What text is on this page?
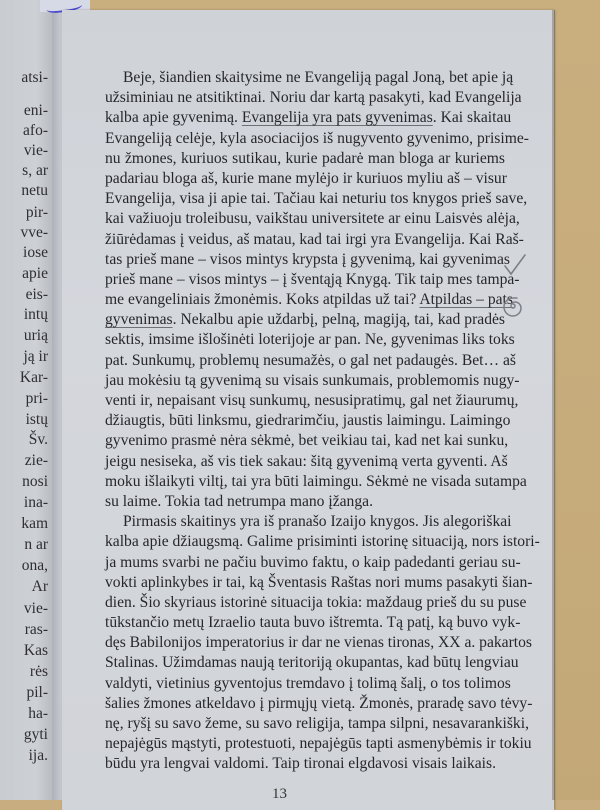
atsi-
eni-
afo-
vie-
s, ar
netu
pir-
vve-
iose
apie
eis-
intų
urią
ją ir
Kar-
pri-
istų
Šv.
zie-
nosi
ina-
kam
n ar
ona,
Ar
vie-
ras-
Kas
rės
pil-
ha-
gyti
ija.
Beje, šiandien skaitysime ne Evangeliją pagal Joną, bet apie ją
užsiminiau ne atsitiktinai. Noriu dar kartą pasakyti, kad Evangelija
kalba apie gyvenimą. Evangelija yra pats gyvenimas. Kai skaitau
Evangeliją celėje, kyla asociacijos iš nugyvento gyvenimo, prisime-
nu žmones, kuriuos sutikau, kurie padarė man bloga ar kuriems
padariau bloga aš, kurie mane mylėjo ir kuriuos myliu aš – visur
Evangelija, visa ji apie tai. Tačiau kai neturiu tos knygos prieš save,
kai važiuoju troleibusu, vaikštau universitete ar einu Laisvės alėja,
žiūrėdamas į veidus, aš matau, kad tai irgi yra Evangelija. Kai Raš-
tas prieš mane – visos mintys krypsta į gyvenimą, kai gyvenimas
prieš mane – visos mintys – į šventąją Knygą. Tik taip mes tampa-
me evangeliniais žmonėmis. Koks atpildas už tai? Atpildas – pats
gyvenimas. Nekalbu apie uždarbį, pelną, magiją, tai, kad pradės
sektis, imsime išlošinėti loterijoje ar pan. Ne, gyvenimas liks toks
pat. Sunkumų, problemų nesumažės, o gal net padaugės. Bet… aš
jau mokėsiu tą gyvenimą su visais sunkumais, problemomis nugy-
venti ir, nepaisant visų sunkumų, nesusipratimų, gal net žiaurumų,
džiaugtis, būti linksmu, giedrarimčiu, jaustis laimingu. Laimingo
gyvenimo prasmė nėra sėkmė, bet veikiau tai, kad net kai sunku,
jeigu nesiseka, aš vis tiek sakau: šitą gyvenimą verta gyventi. Aš
moku išlaikyti viltį, tai yra būti laimingu. Sėkmė ne visada sutampa
su laime. Tokia tad netrumpa mano įžanga.
Pirmasis skaitinys yra iš pranašo Izaijo knygos. Jis alegoriškai
kalba apie džiaugsmą. Galime prisiminti istorinę situaciją, nors istori-
ja mums svarbi ne pačiu buvimo faktu, o kaip padedanti geriau su-
vokti aplinkybes ir tai, ką Šventasis Raštas nori mums pasakyti šian-
dien. Šio skyriaus istorinė situacija tokia: maždaug prieš du su puse
tūkstančio metų Izraelio tauta buvo ištremta. Tą patį, ką buvo vyk-
dęs Babilonijos imperatorius ir dar ne vienas tironas, XX a. pakartos
Stalinas. Užimdamas naują teritoriją okupantas, kad būtų lengviau
valdyti, vietinius gyventojus tremdavo į tolimą šalį, o tos tolimos
šalies žmones atkeldavo į pirmųjų vietą. Žmonės, praradę savo tėvy-
nę, ryšį su savo žeme, su savo religija, tampa silpni, nesavarankiški,
nepajėgūs mąstyti, protestuoti, nepajėgūs tapti asmenybėmis ir tokiu
būdu yra lengvai valdomi. Taip tironai elgdavosi visais laikais.
13
